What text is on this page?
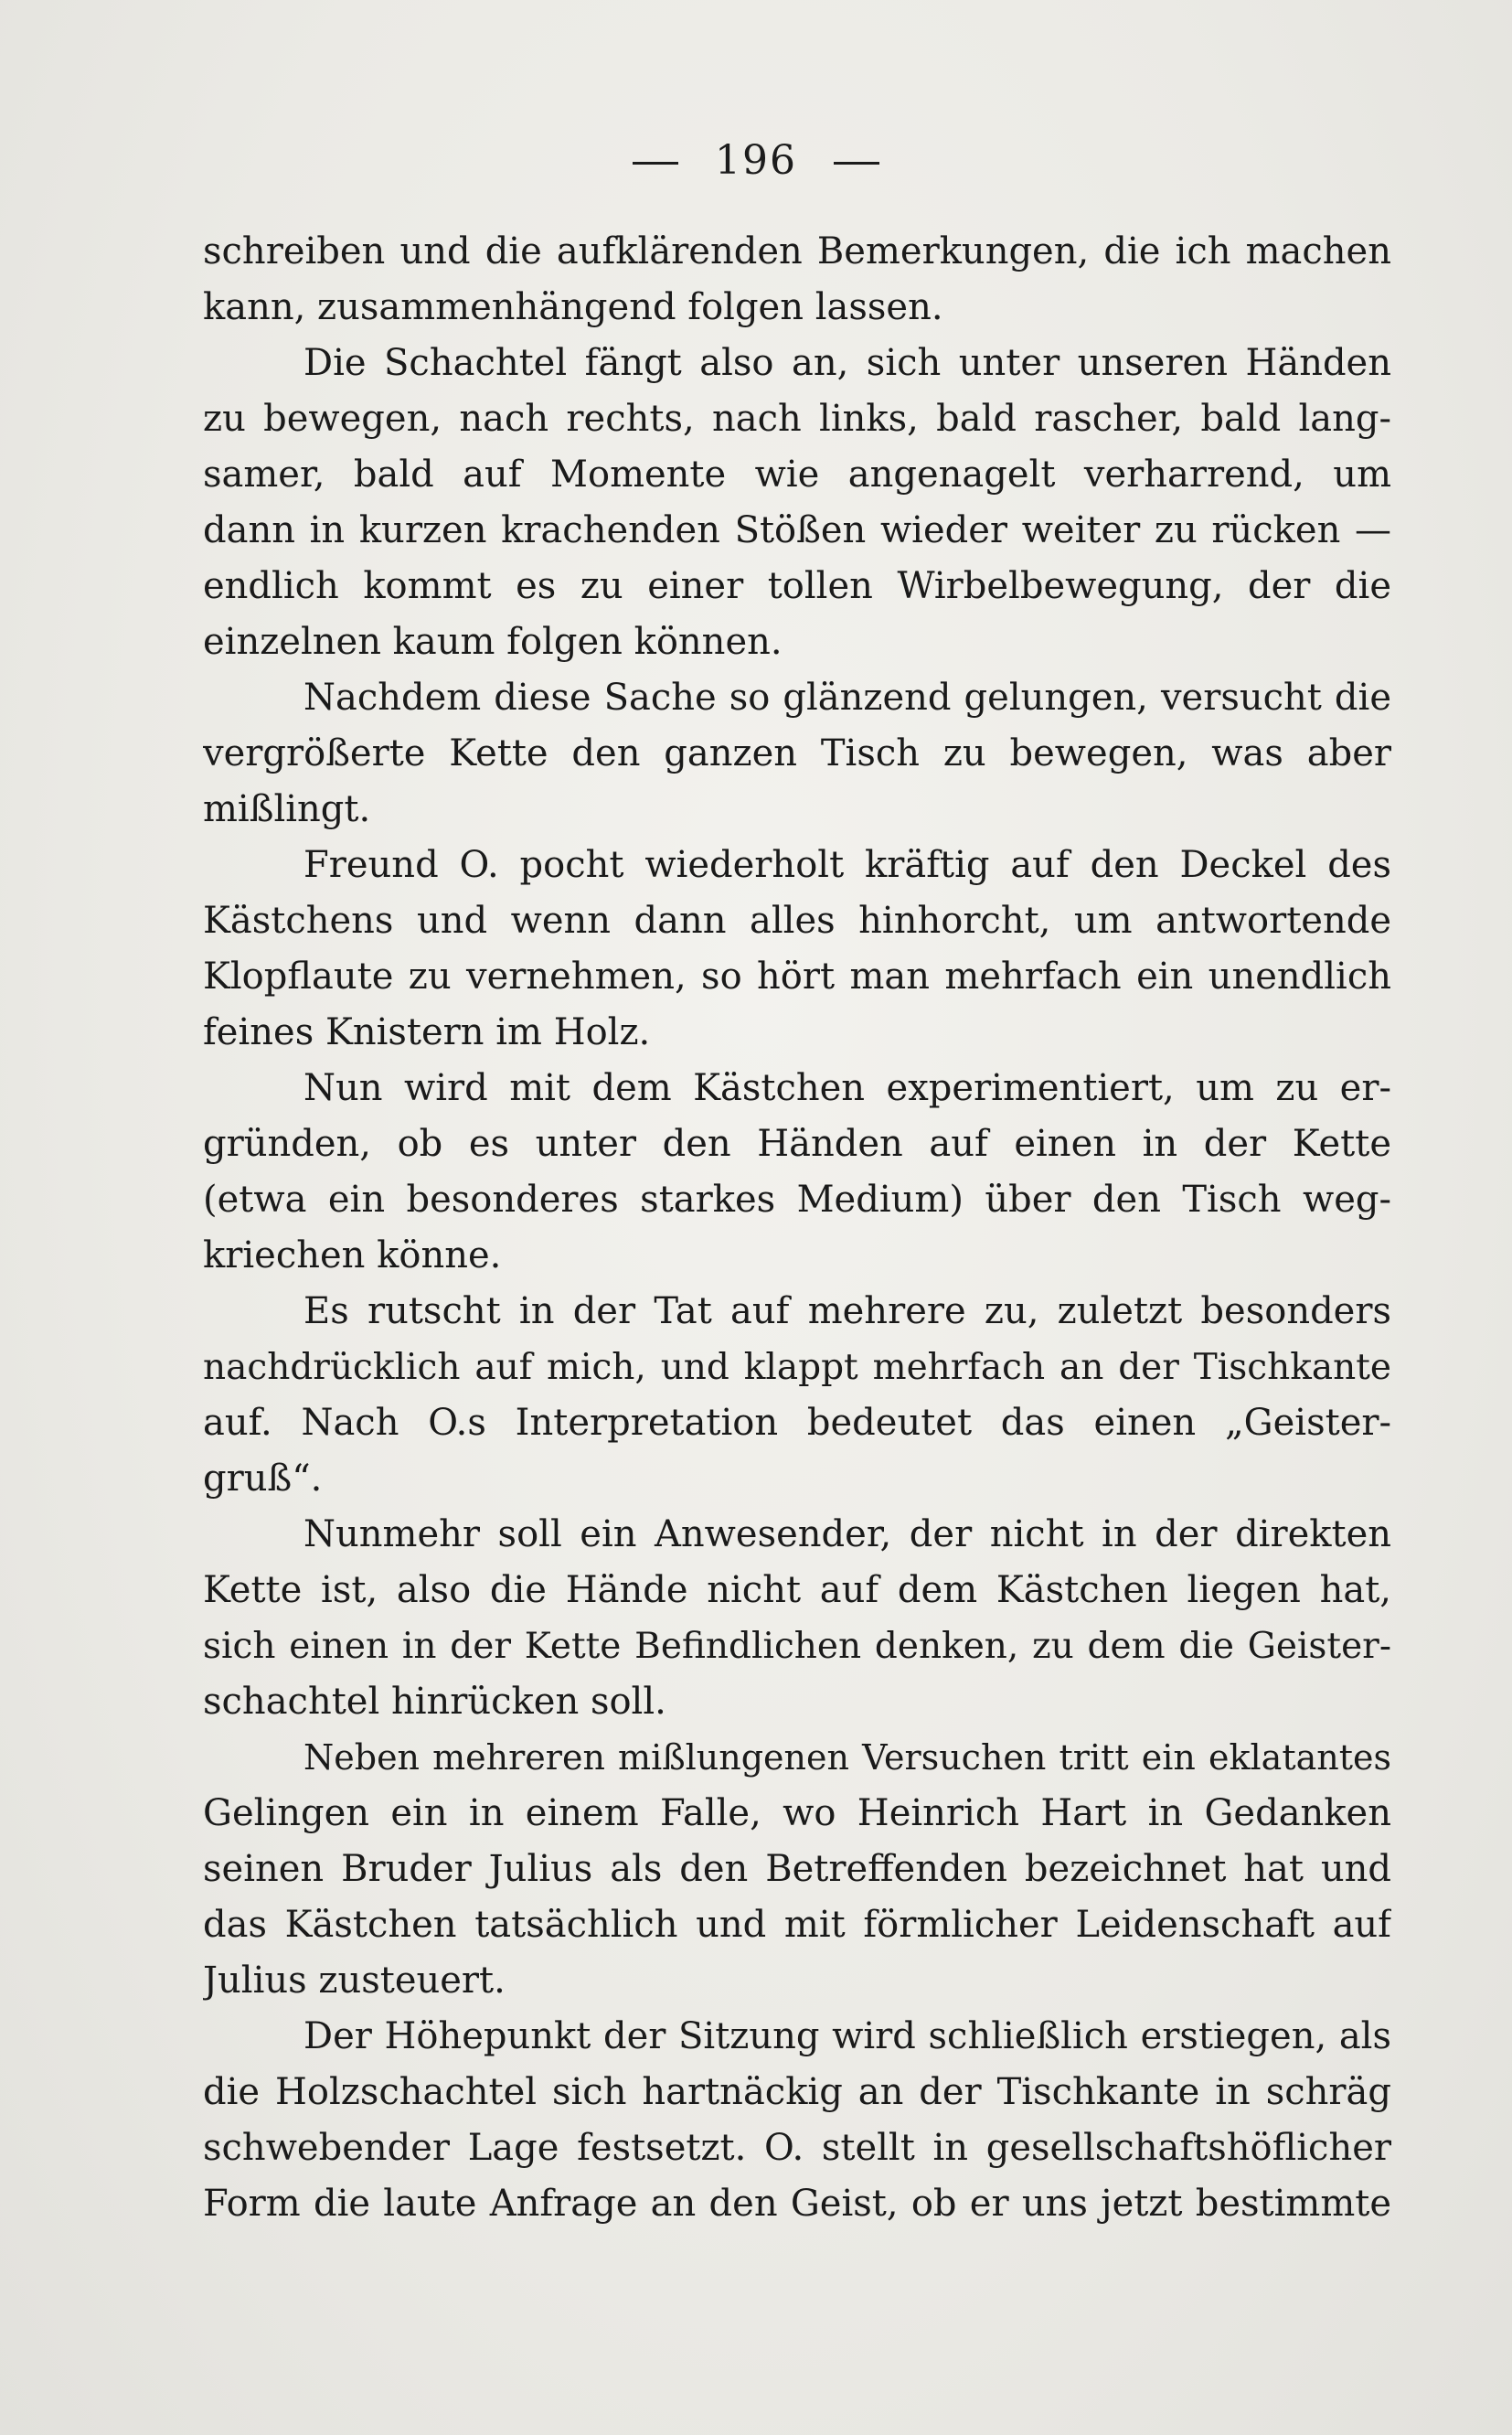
196
schreiben und die aufklärenden Bemerkungen, die ich machen
kann, zusammenhängend folgen lassen.
Die Schachtel fängt also an, sich unter unseren Händen
zu bewegen, nach rechts, nach links, bald rascher, bald lang-
samer, bald auf Momente wie angenagelt verharrend, um
dann in kurzen krachenden Stößen wieder weiter zu rücken —
endlich kommt es zu einer tollen Wirbelbewegung, der die
einzelnen kaum folgen können.
Nachdem diese Sache so glänzend gelungen, versucht die
vergrößerte Kette den ganzen Tisch zu bewegen, was aber
mißlingt.
Freund O. pocht wiederholt kräftig auf den Deckel des
Kästchens und wenn dann alles hinhorcht, um antwortende
Klopflaute zu vernehmen, so hört man mehrfach ein unendlich
feines Knistern im Holz.
Nun wird mit dem Kästchen experimentiert, um zu er-
gründen, ob es unter den Händen auf einen in der Kette
(etwa ein besonderes starkes Medium) über den Tisch weg-
kriechen könne.
Es rutscht in der Tat auf mehrere zu, zuletzt besonders
nachdrücklich auf mich, und klappt mehrfach an der Tischkante
auf. Nach O.s Interpretation bedeutet das einen „Geister-
gruß“.
Nunmehr soll ein Anwesender, der nicht in der direkten
Kette ist, also die Hände nicht auf dem Kästchen liegen hat,
sich einen in der Kette Befindlichen denken, zu dem die Geister-
schachtel hinrücken soll.
Neben mehreren mißlungenen Versuchen tritt ein eklatantes
Gelingen ein in einem Falle, wo Heinrich Hart in Gedanken
seinen Bruder Julius als den Betreffenden bezeichnet hat und
das Kästchen tatsächlich und mit förmlicher Leidenschaft auf
Julius zusteuert.
Der Höhepunkt der Sitzung wird schließlich erstiegen, als
die Holzschachtel sich hartnäckig an der Tischkante in schräg
schwebender Lage festsetzt. O. stellt in gesellschaftshöflicher
Form die laute Anfrage an den Geist, ob er uns jetzt bestimmte
